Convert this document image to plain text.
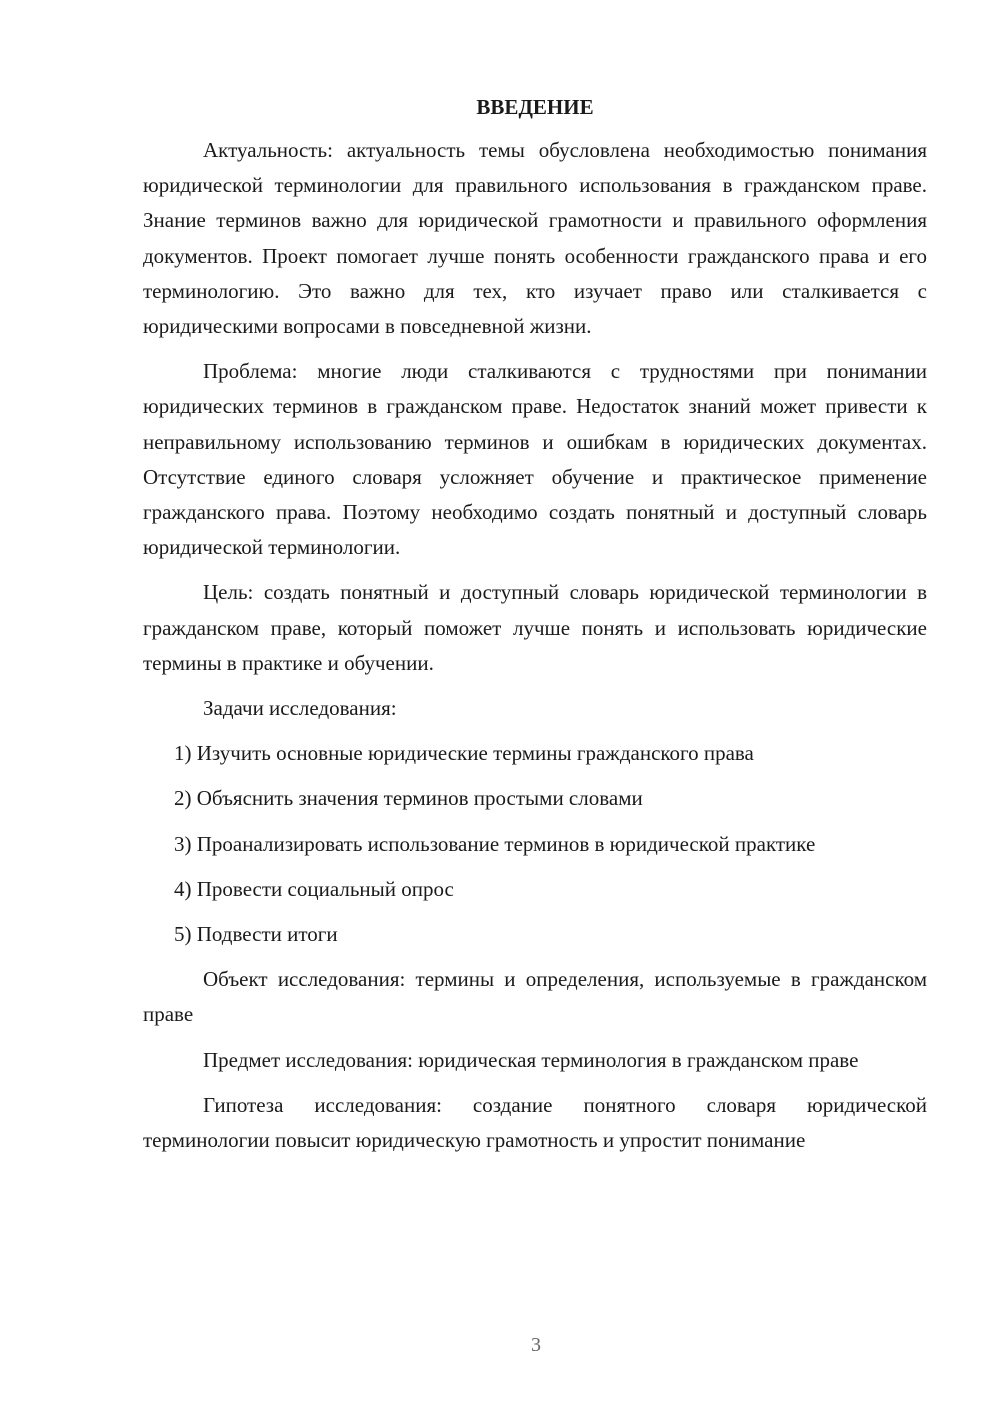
ВВЕДЕНИЕ

Актуальность: актуальность темы обусловлена необходимостью понимания юридической терминологии для правильного использования в гражданском праве. Знание терминов важно для юридической грамотности и правильного оформления документов. Проект помогает лучше понять особенности гражданского права и его терминологию. Это важно для тех, кто изучает право или сталкивается с юридическими вопросами в повседневной жизни.

Проблема: многие люди сталкиваются с трудностями при понимании юридических терминов в гражданском праве. Недостаток знаний может привести к неправильному использованию терминов и ошибкам в юридических документах. Отсутствие единого словаря усложняет обучение и практическое применение гражданского права. Поэтому необходимо создать понятный и доступный словарь юридической терминологии.

Цель: создать понятный и доступный словарь юридической терминологии в гражданском праве, который поможет лучше понять и использовать юридические термины в практике и обучении.

Задачи исследования:

1) Изучить основные юридические термины гражданского права

2) Объяснить значения терминов простыми словами

3) Проанализировать использование терминов в юридической практике

4) Провести социальный опрос

5) Подвести итоги

Объект исследования: термины и определения, используемые в гражданском праве

Предмет исследования: юридическая терминология в гражданском праве

Гипотеза исследования: создание понятного словаря юридической терминологии повысит юридическую грамотность и упростит понимание

3
